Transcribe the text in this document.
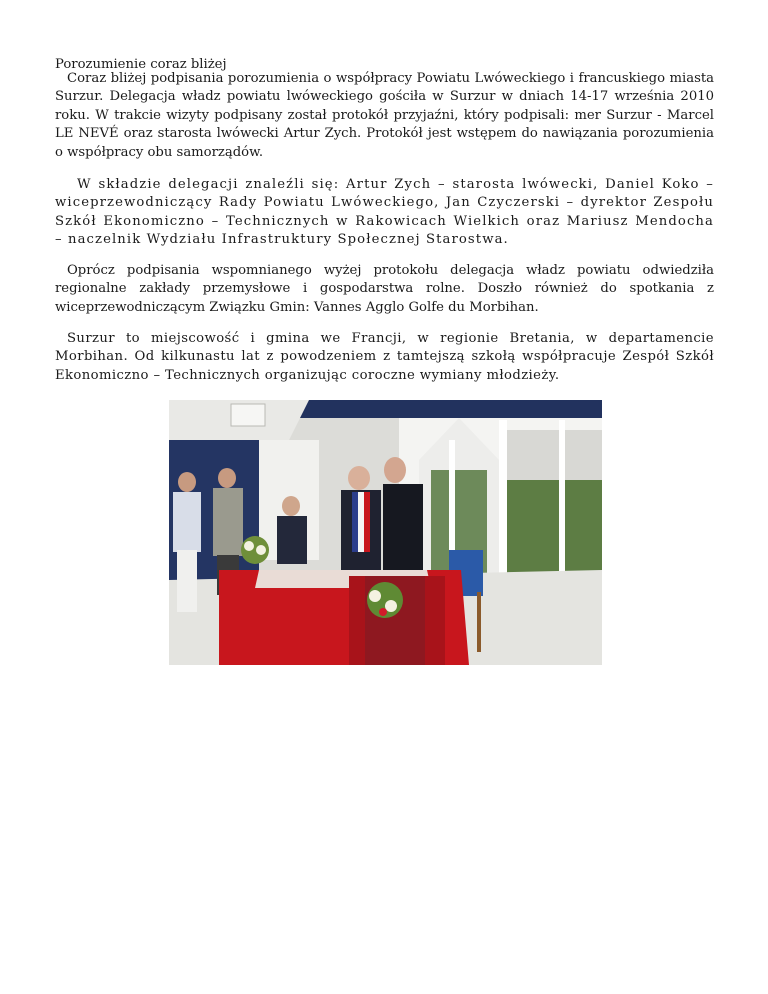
Porozumienie coraz bliżej
Coraz bliżej podpisania porozumienia o współpracy Powiatu Lwóweckiego i francuskiego miasta Surzur. Delegacja władz powiatu lwóweckiego gościła w Surzur w dniach 14-17 września 2010 roku. W trakcie wizyty podpisany został protokół przyjaźni, który podpisali: mer Surzur - Marcel LE NEVÉ oraz starosta lwówecki Artur Zych. Protokół jest wstępem do nawiązania porozumienia o współpracy obu samorządów.
W składzie delegacji znaleźli się: Artur Zych – starosta lwówecki, Daniel Koko – wiceprzewodniczący Rady Powiatu Lwóweckiego, Jan Czyczerski – dyrektor Zespołu Szkół Ekonomiczno – Technicznych w Rakowicach Wielkich oraz Mariusz Mendocha – naczelnik Wydziału Infrastruktury Społecznej Starostwa.
Oprócz podpisania wspomnianego wyżej protokołu delegacja władz powiatu odwiedziła regionalne zakłady przemysłowe i gospodarstwa rolne. Doszło również do spotkania z wiceprzewodniczącym Związku Gmin: Vannes Agglo Golfe du Morbihan.
Surzur to miejscowość i gmina we Francji, w regionie Bretania, w departamencie Morbihan. Od kilkunastu lat z powodzeniem z tamtejszą szkołą współpracuje Zespół Szkół Ekonomiczno – Technicznych organizując coroczne wymiany młodzieży.
